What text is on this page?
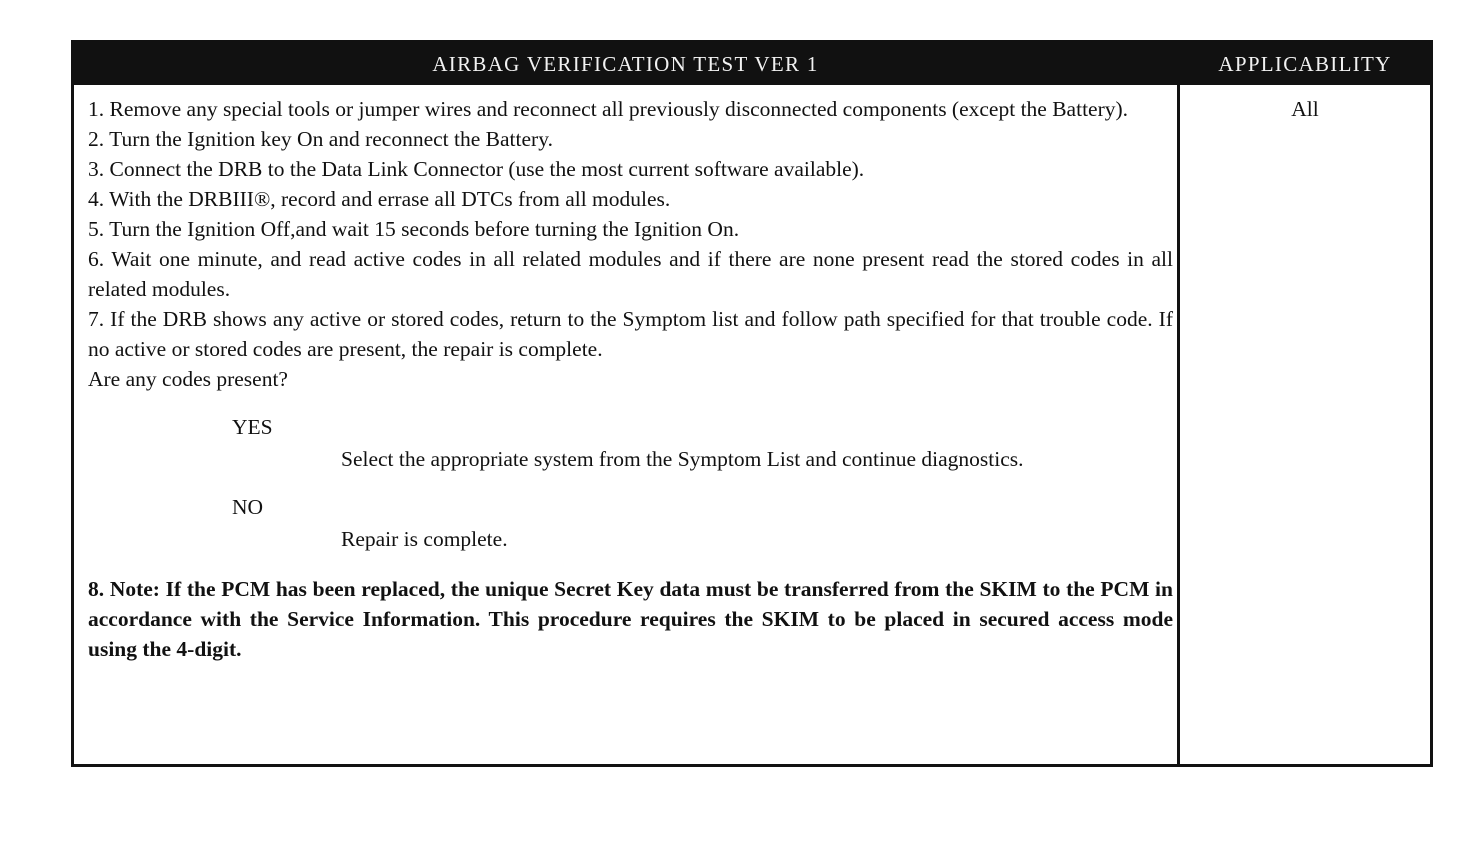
AIRBAG VERIFICATION TEST VER 1	APPLICABILITY

1. Remove any special tools or jumper wires and reconnect all previously disconnected components (except the Battery).

2. Turn the Ignition key On and reconnect the Battery.

3. Connect the DRB to the Data Link Connector (use the most current software available).

4. With the DRBIII®, record and errase all DTCs from all modules.

5. Turn the Ignition Off,and wait 15 seconds before turning the Ignition On.

6. Wait one minute, and read active codes in all related modules and if there are none present read the stored codes in all related modules.

7. If the DRB shows any active or stored codes, return to the Symptom list and follow path specified for that trouble code. If no active or stored codes are present, the repair is complete.

Are any codes present?

YES

Select the appropriate system from the Symptom List and continue diagnostics.

NO

Repair is complete.

8. Note: If the PCM has been replaced, the unique Secret Key data must be transferred from the SKIM to the PCM in accordance with the Service Information. This procedure requires the SKIM to be placed in secured access mode using the 4-digit.

All
